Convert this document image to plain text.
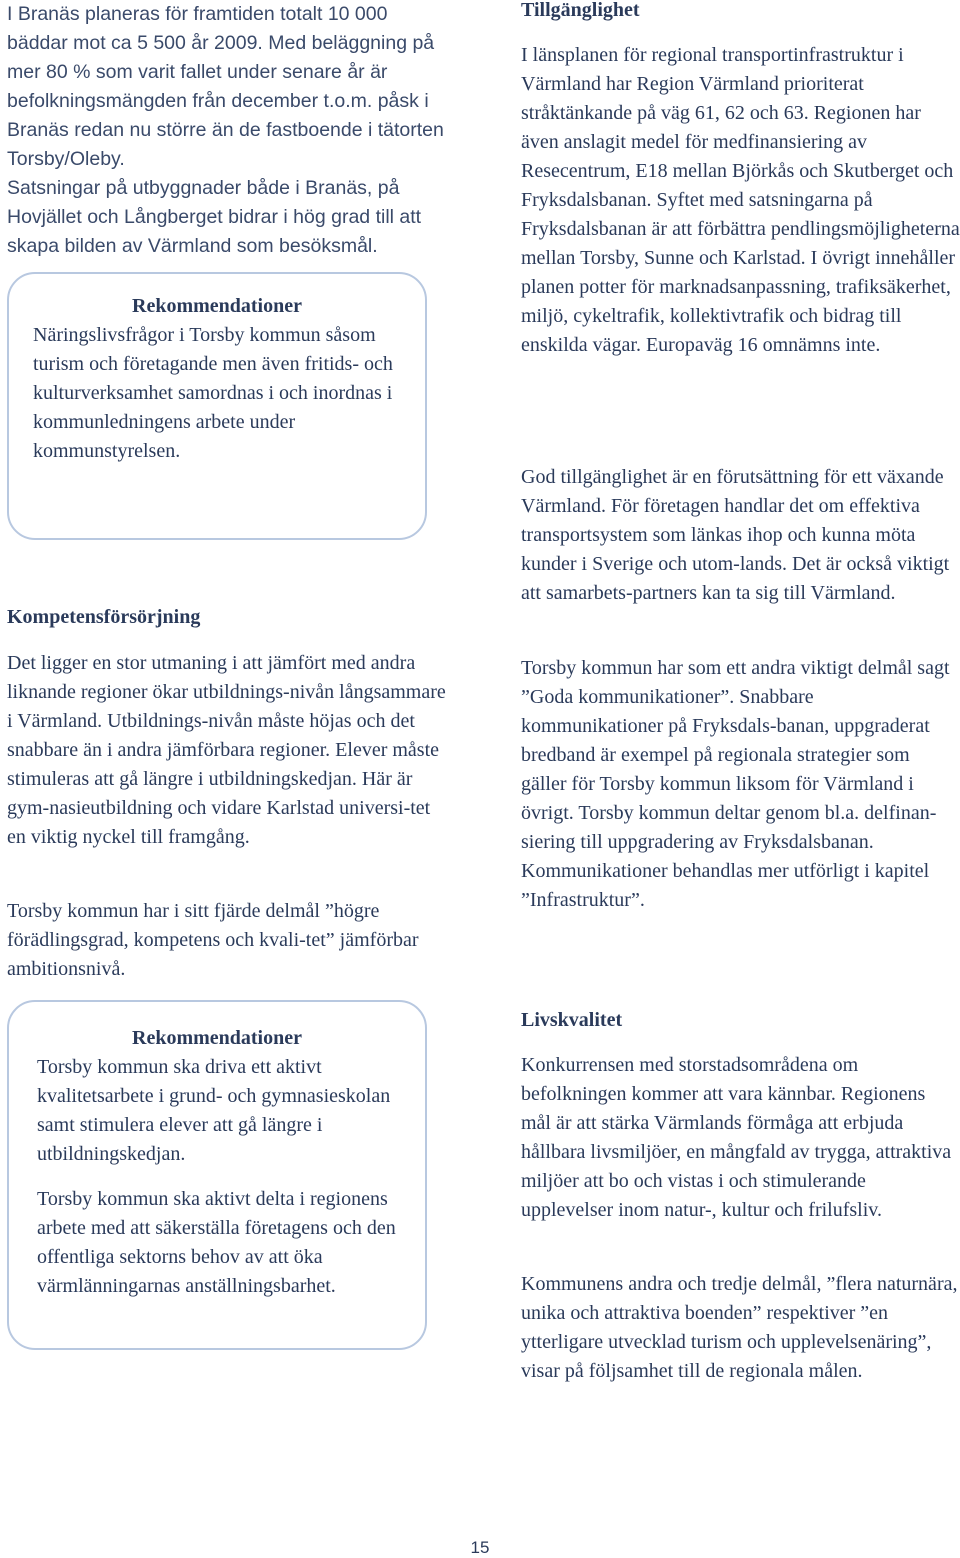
I Branäs planeras för framtiden totalt 10 000 bäddar mot ca 5 500 år 2009. Med beläggning på mer 80 % som varit fallet under senare år är befolkningsmängden från december t.o.m. påsk i Branäs redan nu större än de fastboende i tätorten Torsby/Oleby.

Satsningar på utbyggnader både i Branäs, på Hovjället och Långberget bidrar i hög grad till att skapa bilden av Värmland som besöksmål.

Rekommendationer
Näringslivsfrågor i Torsby kommun såsom turism och företagande men även fritids- och kulturverksamhet samordnas i och inordnas i kommunledningens arbete under kommunstyrelsen.
Kompetensförsörjning

Det ligger en stor utmaning i att jämfört med andra liknande regioner ökar utbildnings-nivån långsammare i Värmland. Utbildnings-nivån måste höjas och det snabbare än i andra jämförbara regioner. Elever måste stimuleras att gå längre i utbildningskedjan. Här är gym-nasieutbildning och vidare Karlstad universi-tet en viktig nyckel till framgång.

Torsby kommun har i sitt fjärde delmål ”högre förädlingsgrad, kompetens och kvali-tet” jämförbar ambitionsnivå.

Rekommendationer
Torsby kommun ska driva ett aktivt kvalitetsarbete i grund- och gymnasieskolan samt stimulera elever att gå längre i utbildningskedjan.
Torsby kommun ska aktivt delta i regionens arbete med att säkerställa företagens och den offentliga sektorns behov av att öka värmlänningarnas anställningsbarhet.
Tillgänglighet

I länsplanen för regional transportinfrastruktur i Värmland har Region Värmland prioriterat stråktänkande på väg 61, 62 och 63. Regionen har även anslagit medel för medfinansiering av Resecentrum, E18 mellan Björkås och Skutberget och Fryksdalsbanan. Syftet med satsningarna på Fryksdalsbanan är att förbättra pendlingsmöjligheterna mellan Torsby, Sunne och Karlstad. I övrigt innehåller planen potter för marknadsanpassning, trafiksäkerhet, miljö, cykeltrafik, kollektivtrafik och bidrag till enskilda vägar. Europaväg 16 omnämns inte.

God tillgänglighet är en förutsättning för ett växande Värmland. För företagen handlar det om effektiva transportsystem som länkas ihop och kunna möta kunder i Sverige och utom-lands. Det är också viktigt att samarbets-partners kan ta sig till Värmland.

Torsby kommun har som ett andra viktigt delmål sagt ”Goda kommunikationer”. Snabbare kommunikationer på Fryksdals-banan, uppgraderat bredband är exempel på regionala strategier som gäller för Torsby kommun liksom för Värmland i övrigt. Torsby kommun deltar genom bl.a. delfinan-siering till uppgradering av Fryksdalsbanan. Kommunikationer behandlas mer utförligt i kapitel ”Infrastruktur”.

Livskvalitet

Konkurrensen med storstadsområdena om befolkningen kommer att vara kännbar. Regionens mål är att stärka Värmlands förmåga att erbjuda hållbara livsmiljöer, en mångfald av trygga, attraktiva miljöer att bo och vistas i och stimulerande upplevelser inom natur-, kultur och frilufsliv.

Kommunens andra och tredje delmål, ”flera naturnära, unika och attraktiva boenden” respektiver ”en ytterligare utvecklad turism och upplevelsenäring”, visar på följsamhet till de regionala målen.

15
